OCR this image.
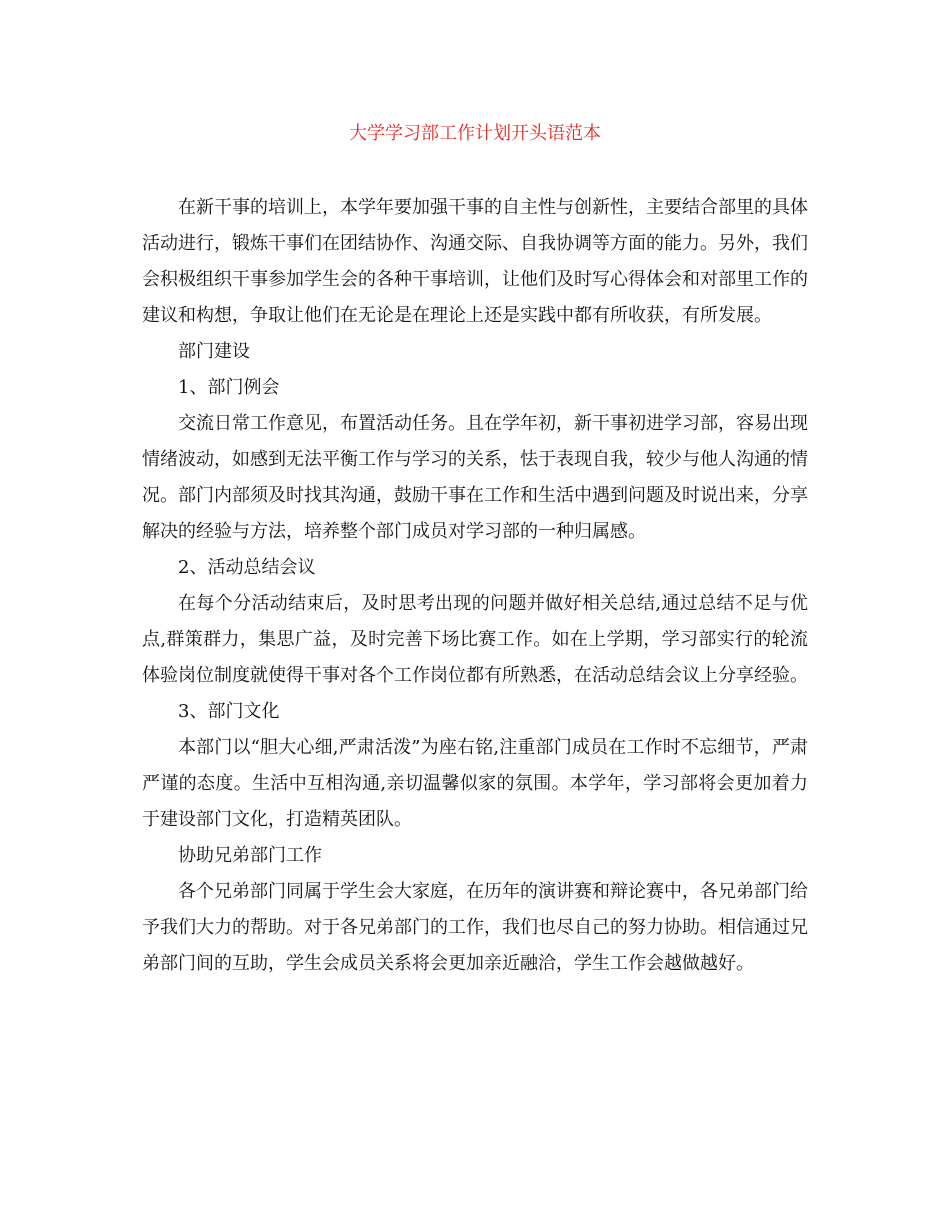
大学学习部工作计划开头语范本

在新干事的培训上，本学年要加强干事的自主性与创新性，主要结合部里的具体活动进行，锻炼干事们在团结协作、沟通交际、自我协调等方面的能力。另外，我们会积极组织干事参加学生会的各种干事培训，让他们及时写心得体会和对部里工作的建议和构想，争取让他们在无论是在理论上还是实践中都有所收获，有所发展。

部门建设

1、部门例会

交流日常工作意见，布置活动任务。且在学年初，新干事初进学习部，容易出现情绪波动，如感到无法平衡工作与学习的关系，怯于表现自我，较少与他人沟通的情况。部门内部须及时找其沟通，鼓励干事在工作和生活中遇到问题及时说出来，分享解决的经验与方法，培养整个部门成员对学习部的一种归属感。

2、活动总结会议

在每个分活动结束后，及时思考出现的问题并做好相关总结,通过总结不足与优点,群策群力，集思广益，及时完善下场比赛工作。如在上学期，学习部实行的轮流体验岗位制度就使得干事对各个工作岗位都有所熟悉，在活动总结会议上分享经验。

3、部门文化

本部门以“胆大心细,严肃活泼”为座右铭,注重部门成员在工作时不忘细节，严肃严谨的态度。生活中互相沟通,亲切温馨似家的氛围。本学年，学习部将会更加着力于建设部门文化，打造精英团队。

协助兄弟部门工作

各个兄弟部门同属于学生会大家庭，在历年的演讲赛和辩论赛中，各兄弟部门给予我们大力的帮助。对于各兄弟部门的工作，我们也尽自己的努力协助。相信通过兄弟部门间的互助，学生会成员关系将会更加亲近融洽，学生工作会越做越好。
